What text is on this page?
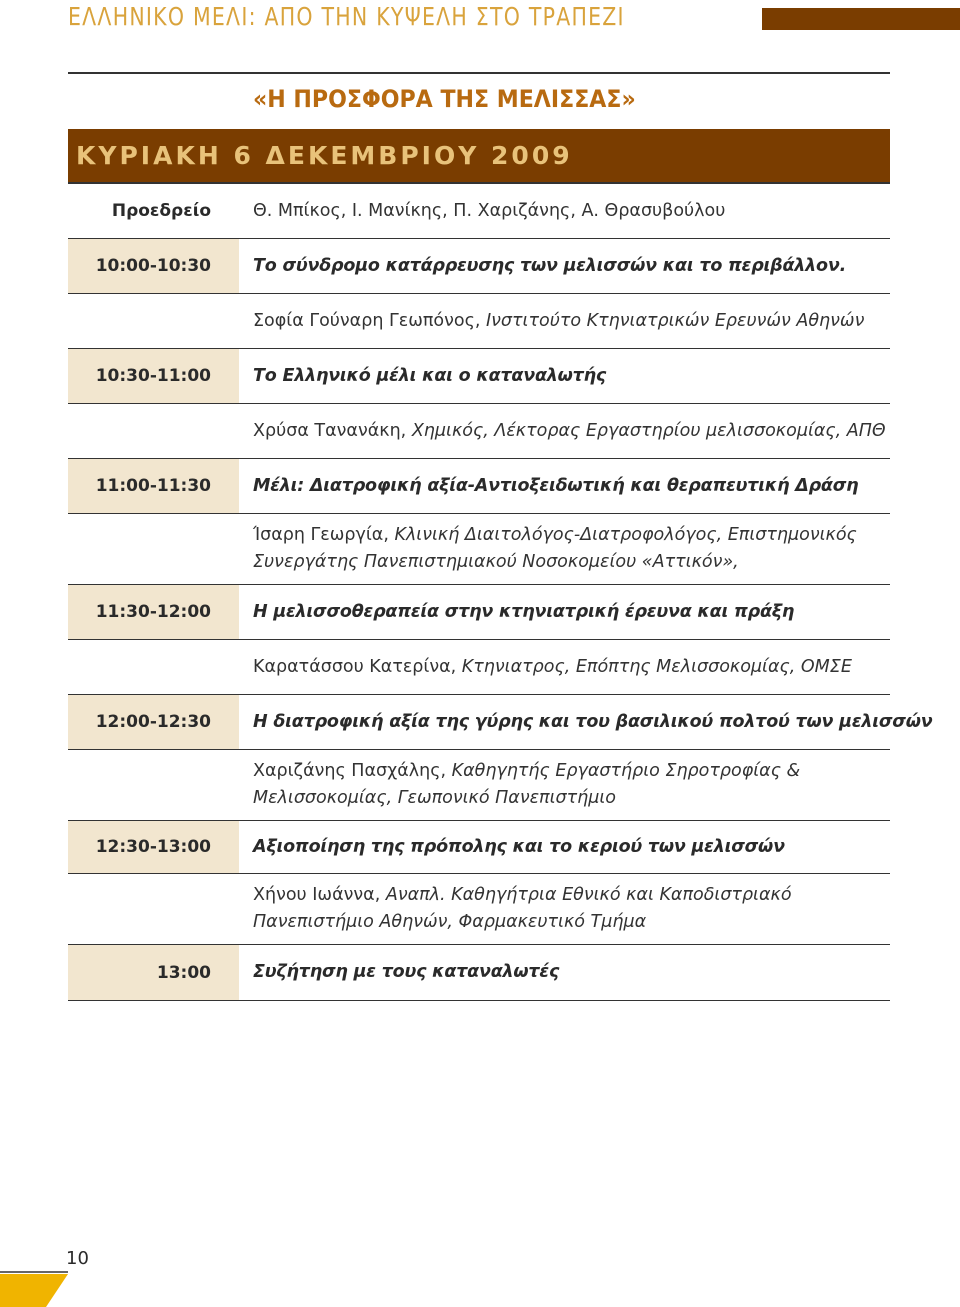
ΕΛΛΗΝΙΚΟ ΜΕΛΙ: ΑΠΟ ΤΗΝ ΚΥΨΕΛΗ ΣΤΟ ΤΡΑΠΕΖΙ
«Η ΠΡΟΣΦΟΡΑ ΤΗΣ ΜΕΛΙΣΣΑΣ»
ΚΥΡΙΑΚΗ 6 ΔΕΚΕΜΒΡΙΟΥ 2009
Προεδρείο	Θ. Μπίκος, Ι. Μανίκης, Π. Χαριζάνης, Α. Θρασυβούλου
10:00-10:30	Το σύνδρομο κατάρρευσης των μελισσών και το περιβάλλον.
	Σοφία Γούναρη Γεωπόνος, Ινστιτούτο Κτηνιατρικών Ερευνών Αθηνών
10:30-11:00	Το Ελληνικό μέλι και ο καταναλωτής
	Χρύσα Τανανάκη, Χημικός, Λέκτορας Εργαστηρίου μελισσοκομίας, ΑΠΘ
11:00-11:30	Μέλι: Διατροφική αξία-Αντιοξειδωτική και θεραπευτική Δράση
	Ίσαρη Γεωργία, Κλινική Διαιτολόγος-Διατροφολόγος, Επιστημονικός
Συνεργάτης Πανεπιστημιακού Νοσοκομείου «Αττικόν»,
11:30-12:00	Η μελισσοθεραπεία στην κτηνιατρική έρευνα και πράξη
	Καρατάσσου Κατερίνα, Κτηνιατρος, Επόπτης Μελισσοκομίας, ΟΜΣΕ
12:00-12:30	Η διατροφική αξία της γύρης και του βασιλικού πολτού των μελισσών
	Χαριζάνης Πασχάλης, Καθηγητής Εργαστήριο Σηροτροφίας &
Μελισσοκομίας, Γεωπονικό Πανεπιστήμιο
12:30-13:00	Αξιοποίηση της πρόπολης και το κεριού των μελισσών
	Χήνου Ιωάννα, Αναπλ. Καθηγήτρια Εθνικό και Καποδιστριακό
Πανεπιστήμιο Αθηνών, Φαρμακευτικό Τμήμα
13:00	Συζήτηση με τους καταναλωτές
10
